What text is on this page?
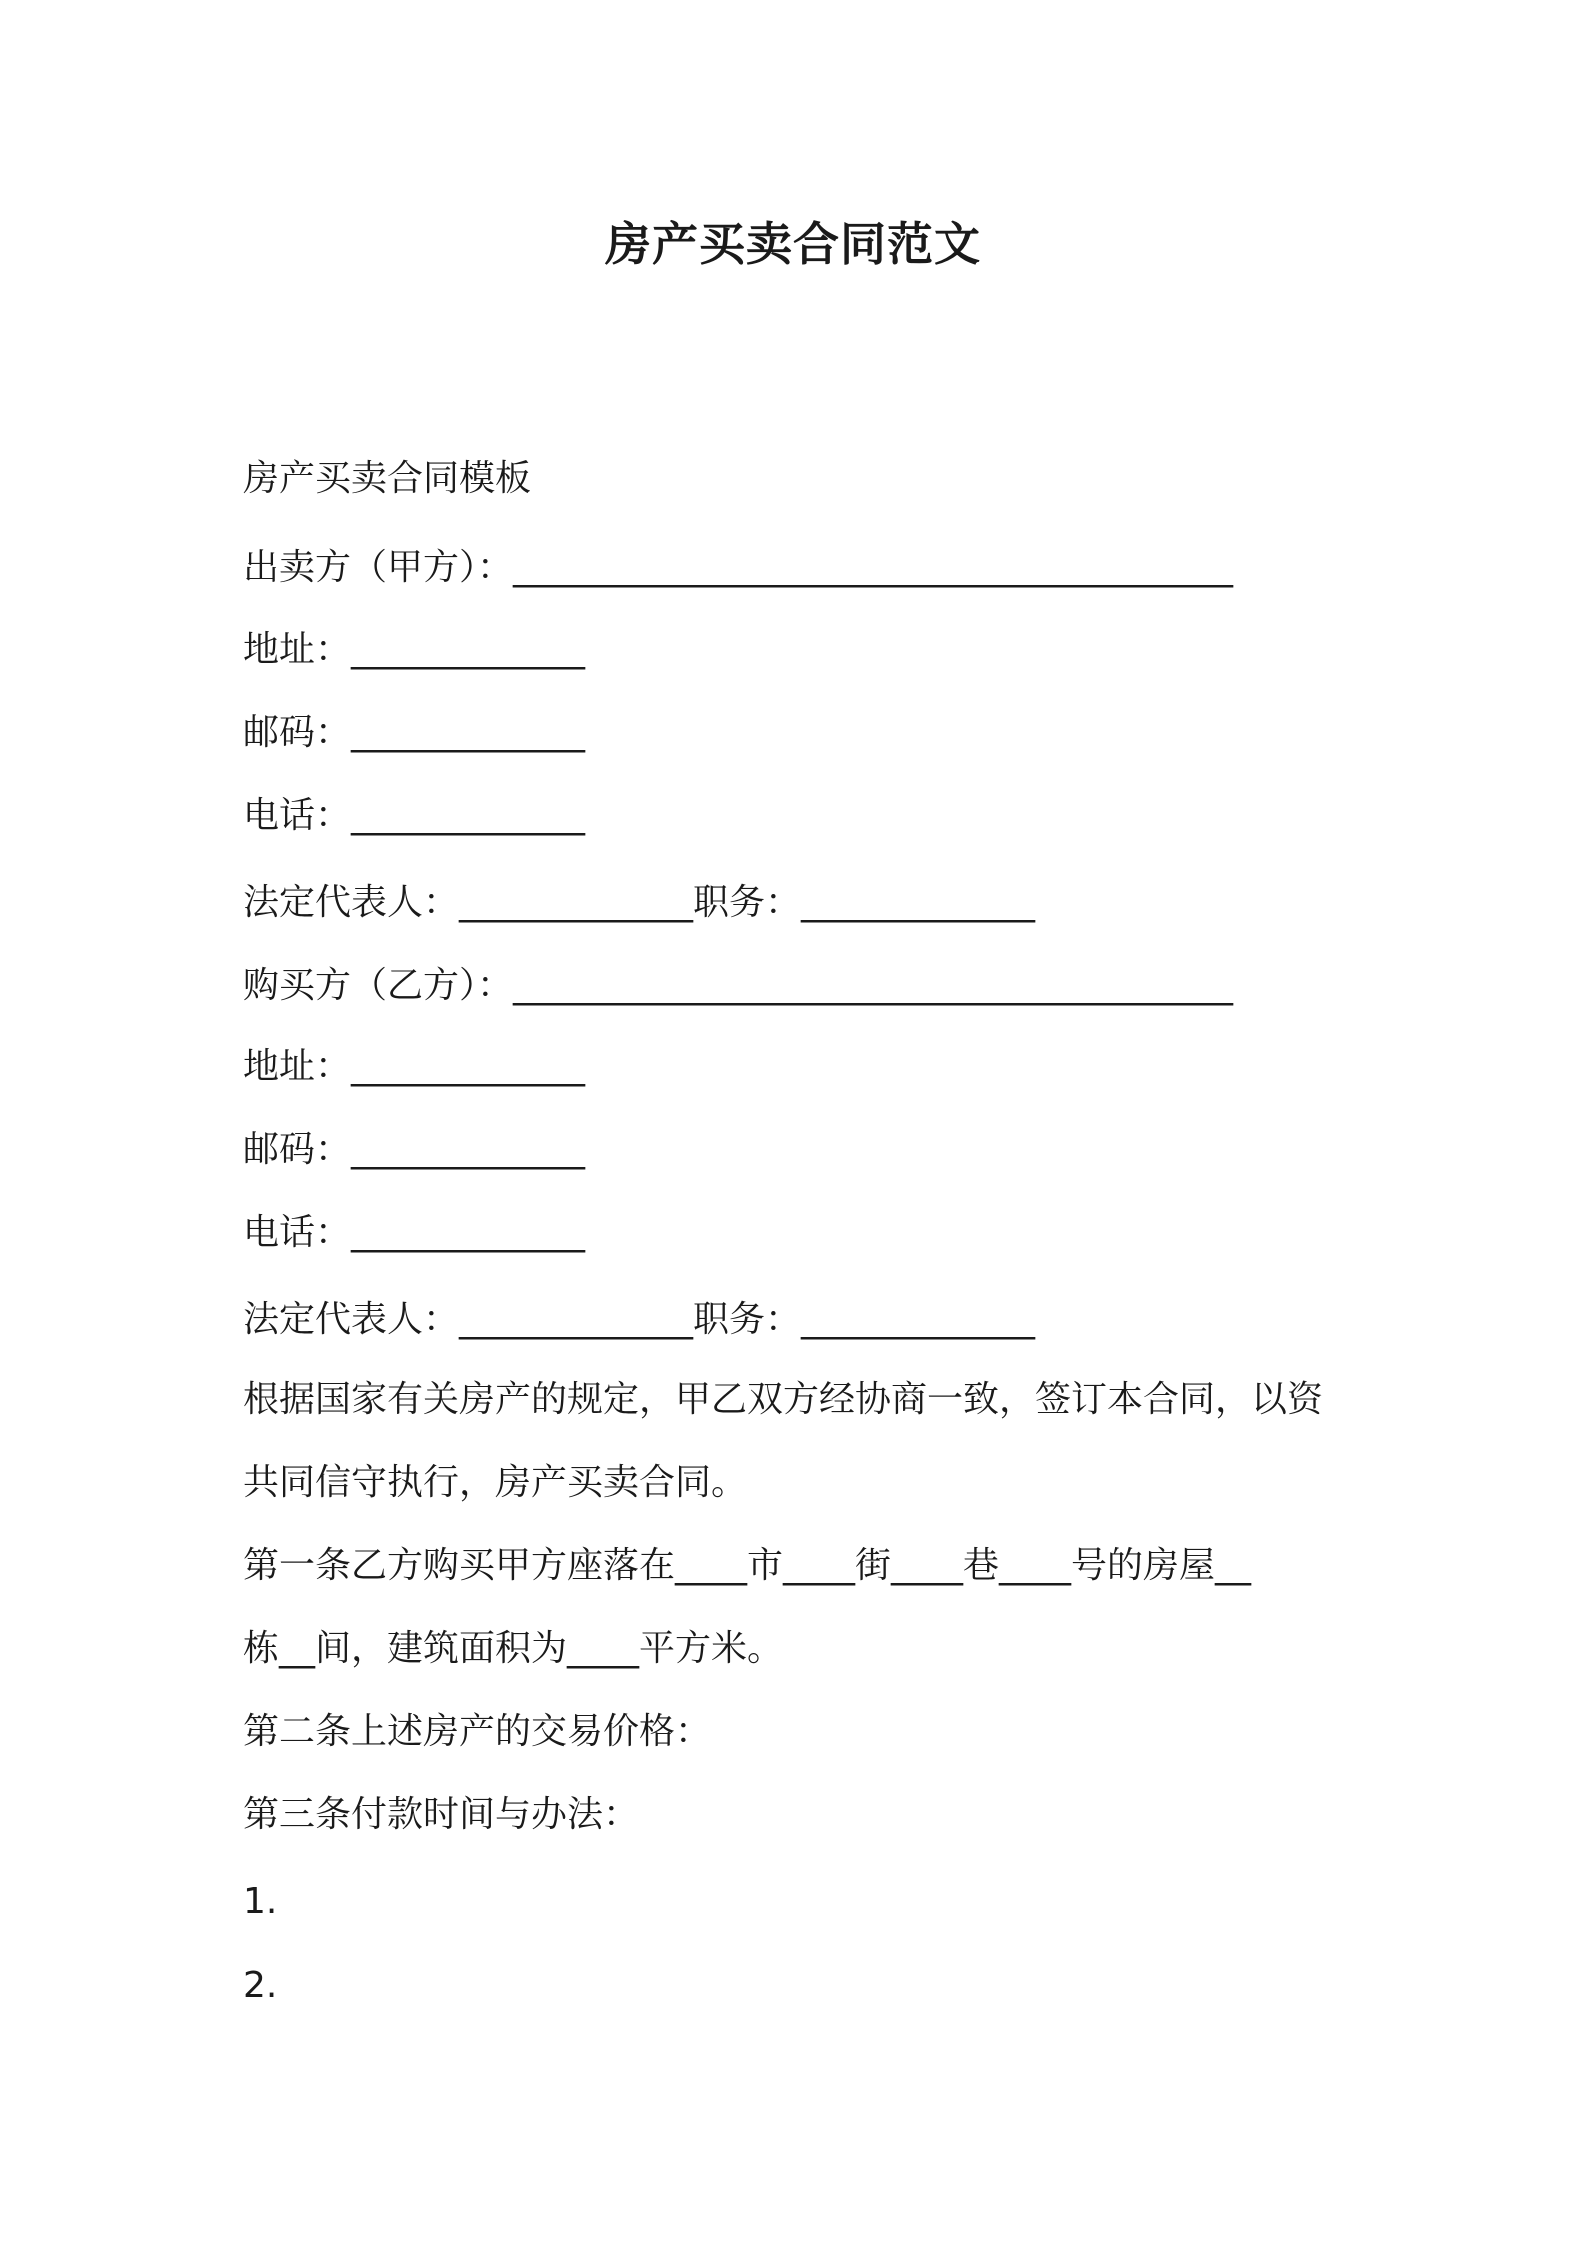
房产买卖合同范文
房产买卖合同模板
出卖方（甲方）：________________________________________
地址：_____________
邮码：_____________
电话：_____________
法定代表人：_____________职务：_____________
购买方（乙方）：________________________________________
地址：_____________
邮码：_____________
电话：_____________
法定代表人：_____________职务：_____________
根据国家有关房产的规定，甲乙双方经协商一致，签订本合同，以资
共同信守执行，房产买卖合同。
第一条乙方购买甲方座落在____市____街____巷____号的房屋__
栋__间，建筑面积为____平方米。
第二条上述房产的交易价格：
第三条付款时间与办法：
1.
2.
